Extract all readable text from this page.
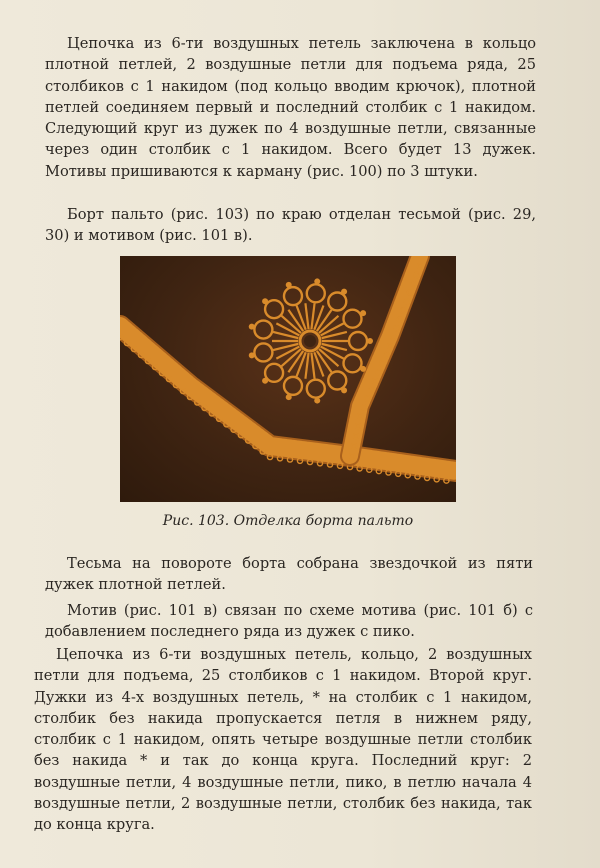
Цепочка из 6-ти воздушных петель заключена в кольцо плотной петлей, 2 воздушные петли для подъема ряда, 25 столбиков с 1 накидом (под кольцо вводим крючок), плотной петлей соединяем первый и последний столбик с 1 накидом. Следующий круг из дужек по 4 воздушные петли, связанные через один столбик с 1 накидом. Всего будет 13 дужек. Мотивы пришиваются к карману (рис. 100) по 3 штуки.

Борт пальто (рис. 103) по краю отделан тесьмой (рис. 29, 30) и мотивом (рис. 101 в).

Рис. 103. Отделка борта пальто

Тесьма на повороте борта собрана звездочкой из пяти дужек плотной петлей.

Мотив (рис. 101 в) связан по схеме мотива (рис. 101 б) с добавлением последнего ряда из дужек с пико.

Цепочка из 6-ти воздушных петель, кольцо, 2 воздушных петли для подъема, 25 столбиков с 1 накидом. Второй круг. Дужки из 4-х воздушных петель, * на столбик с 1 накидом, столбик без накида пропускается петля в нижнем ряду, столбик с 1 накидом, опять четыре воздушные петли столбик без накида * и так до конца круга. Последний круг: 2 воздушные петли, 4 воздушные петли, пико, в петлю начала 4 воздушные петли, 2 воздушные петли, столбик без накида, так до конца круга.
